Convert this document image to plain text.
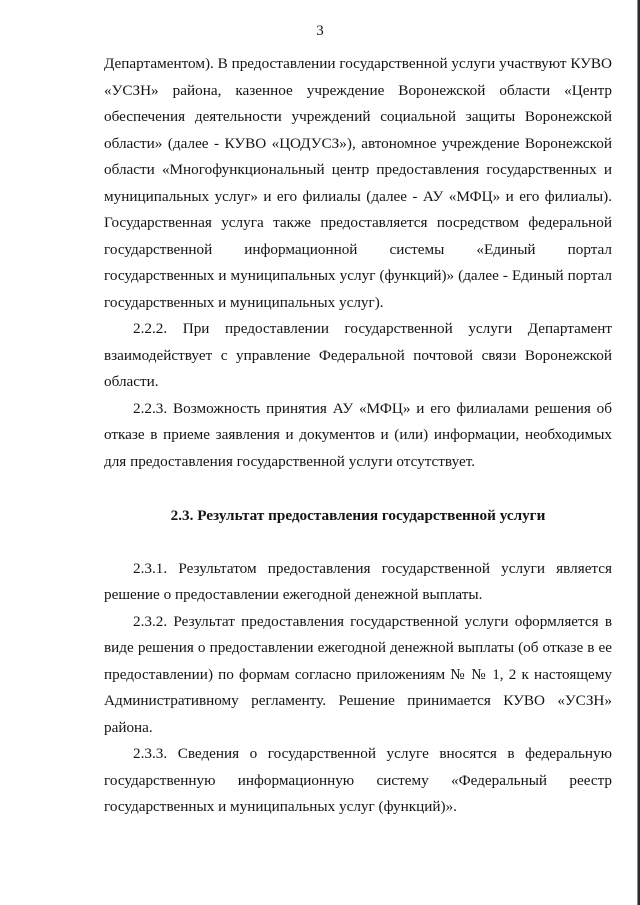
3

Департаментом). В предоставлении государственной услуги участвуют КУВО
«УСЗН» района, казенное учреждение Воронежской области «Центр
обеспечения деятельности учреждений социальной защиты Воронежской
области» (далее - КУВО «ЦОДУСЗ»), автономное учреждение Воронежской
области «Многофункциональный центр предоставления государственных и
муниципальных услуг» и его филиалы (далее - АУ «МФЦ» и его филиалы).
Государственная услуга также предоставляется посредством федеральной
государственной информационной системы «Единый портал
государственных и муниципальных услуг (функций)» (далее - Единый портал
государственных и муниципальных услуг).

2.2.2. При предоставлении государственной услуги Департамент
взаимодействует с управление Федеральной почтовой связи Воронежской
области.

2.2.3. Возможность принятия АУ «МФЦ» и его филиалами решения об
отказе в приеме заявления и документов и (или) информации, необходимых
для предоставления государственной услуги отсутствует.

2.3. Результат предоставления государственной услуги

2.3.1. Результатом предоставления государственной услуги является
решение о предоставлении ежегодной денежной выплаты.

2.3.2. Результат предоставления государственной услуги оформляется в
виде решения о предоставлении ежегодной денежной выплаты (об отказе в ее
предоставлении) по формам согласно приложениям № № 1, 2 к настоящему
Административному регламенту. Решение принимается КУВО «УСЗН»
района.

2.3.3. Сведения о государственной услуге вносятся в федеральную
государственную информационную систему «Федеральный реестр
государственных и муниципальных услуг (функций)».
